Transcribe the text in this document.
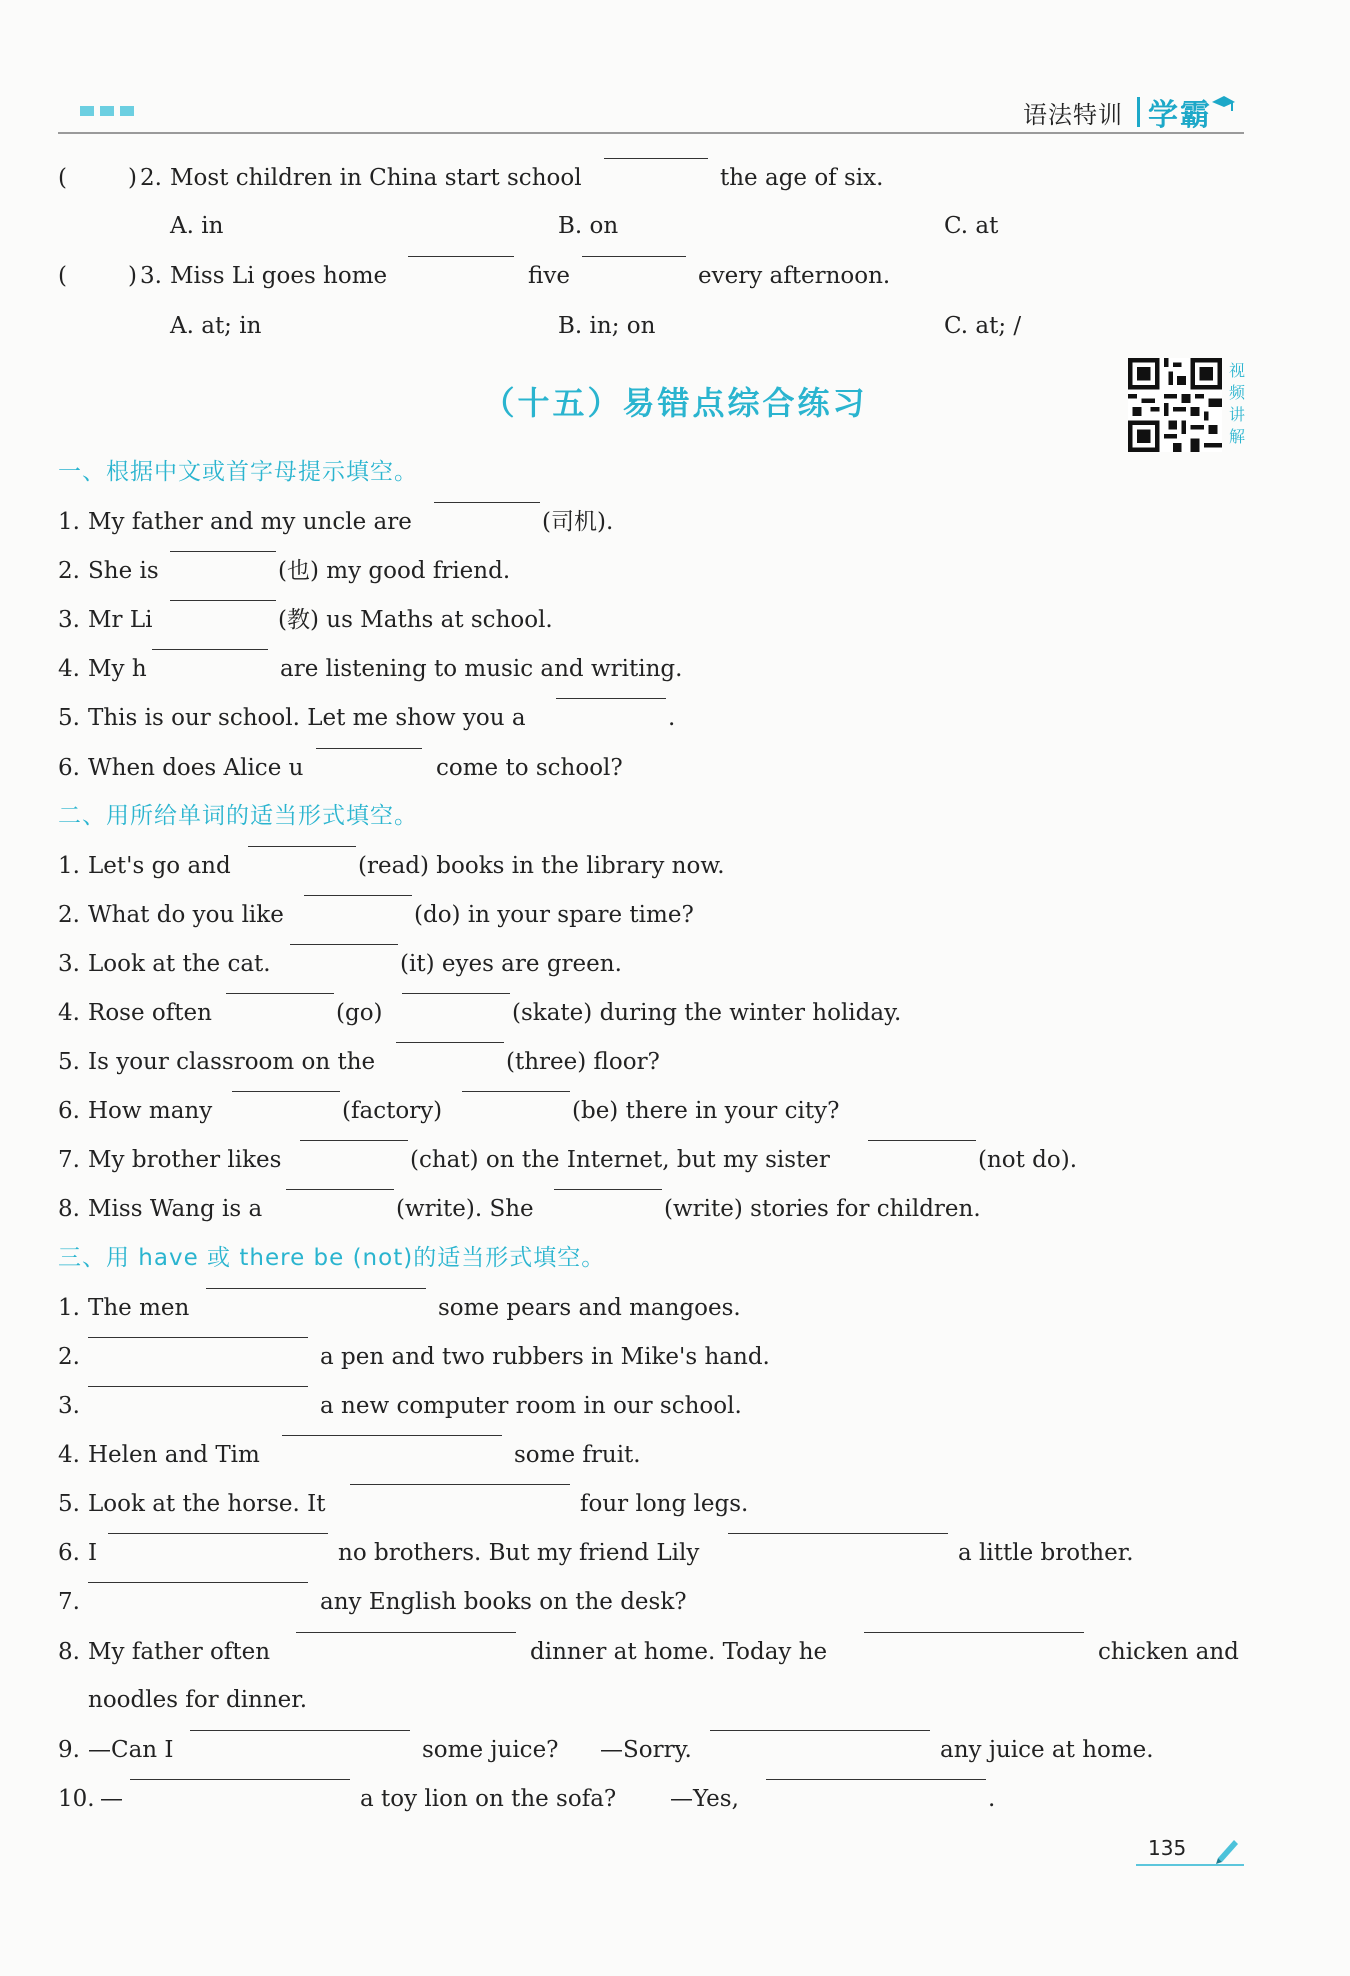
语法特训 学霸
(	) 2. Most children in China start school	the age of six.
A. in	B. on	C. at
(	) 3. Miss Li goes home	five	every afternoon.
A. at; in	B. in; on	C. at; /
（十五）易错点综合练习
视
频
讲
解
一、根据中文或首字母提示填空。
1. My father and my uncle are	(司机).
2. She is	(也) my good friend.
3. Mr Li	(教) us Maths at school.
4. My h	are listening to music and writing.
5. This is our school. Let me show you a	.
6. When does Alice u	come to school?
二、用所给单词的适当形式填空。
1. Let's go and	(read) books in the library now.
2. What do you like	(do) in your spare time?
3. Look at the cat.	(it) eyes are green.
4. Rose often	(go)	(skate) during the winter holiday.
5. Is your classroom on the	(three) floor?
6. How many	(factory)	(be) there in your city?
7. My brother likes	(chat) on the Internet, but my sister	(not do).
8. Miss Wang is a	(write). She	(write) stories for children.
三、用 have 或 there be (not)的适当形式填空。
1. The men	some pears and mangoes.
2.	a pen and two rubbers in Mike's hand.
3.	a new computer room in our school.
4. Helen and Tim	some fruit.
5. Look at the horse. It	four long legs.
6. I	no brothers. But my friend Lily	a little brother.
7.	any English books on the desk?
8. My father often	dinner at home. Today he	chicken and
noodles for dinner.
9. —Can I	some juice? —Sorry.	any juice at home.
10. —	a toy lion on the sofa? —Yes,	.
135
